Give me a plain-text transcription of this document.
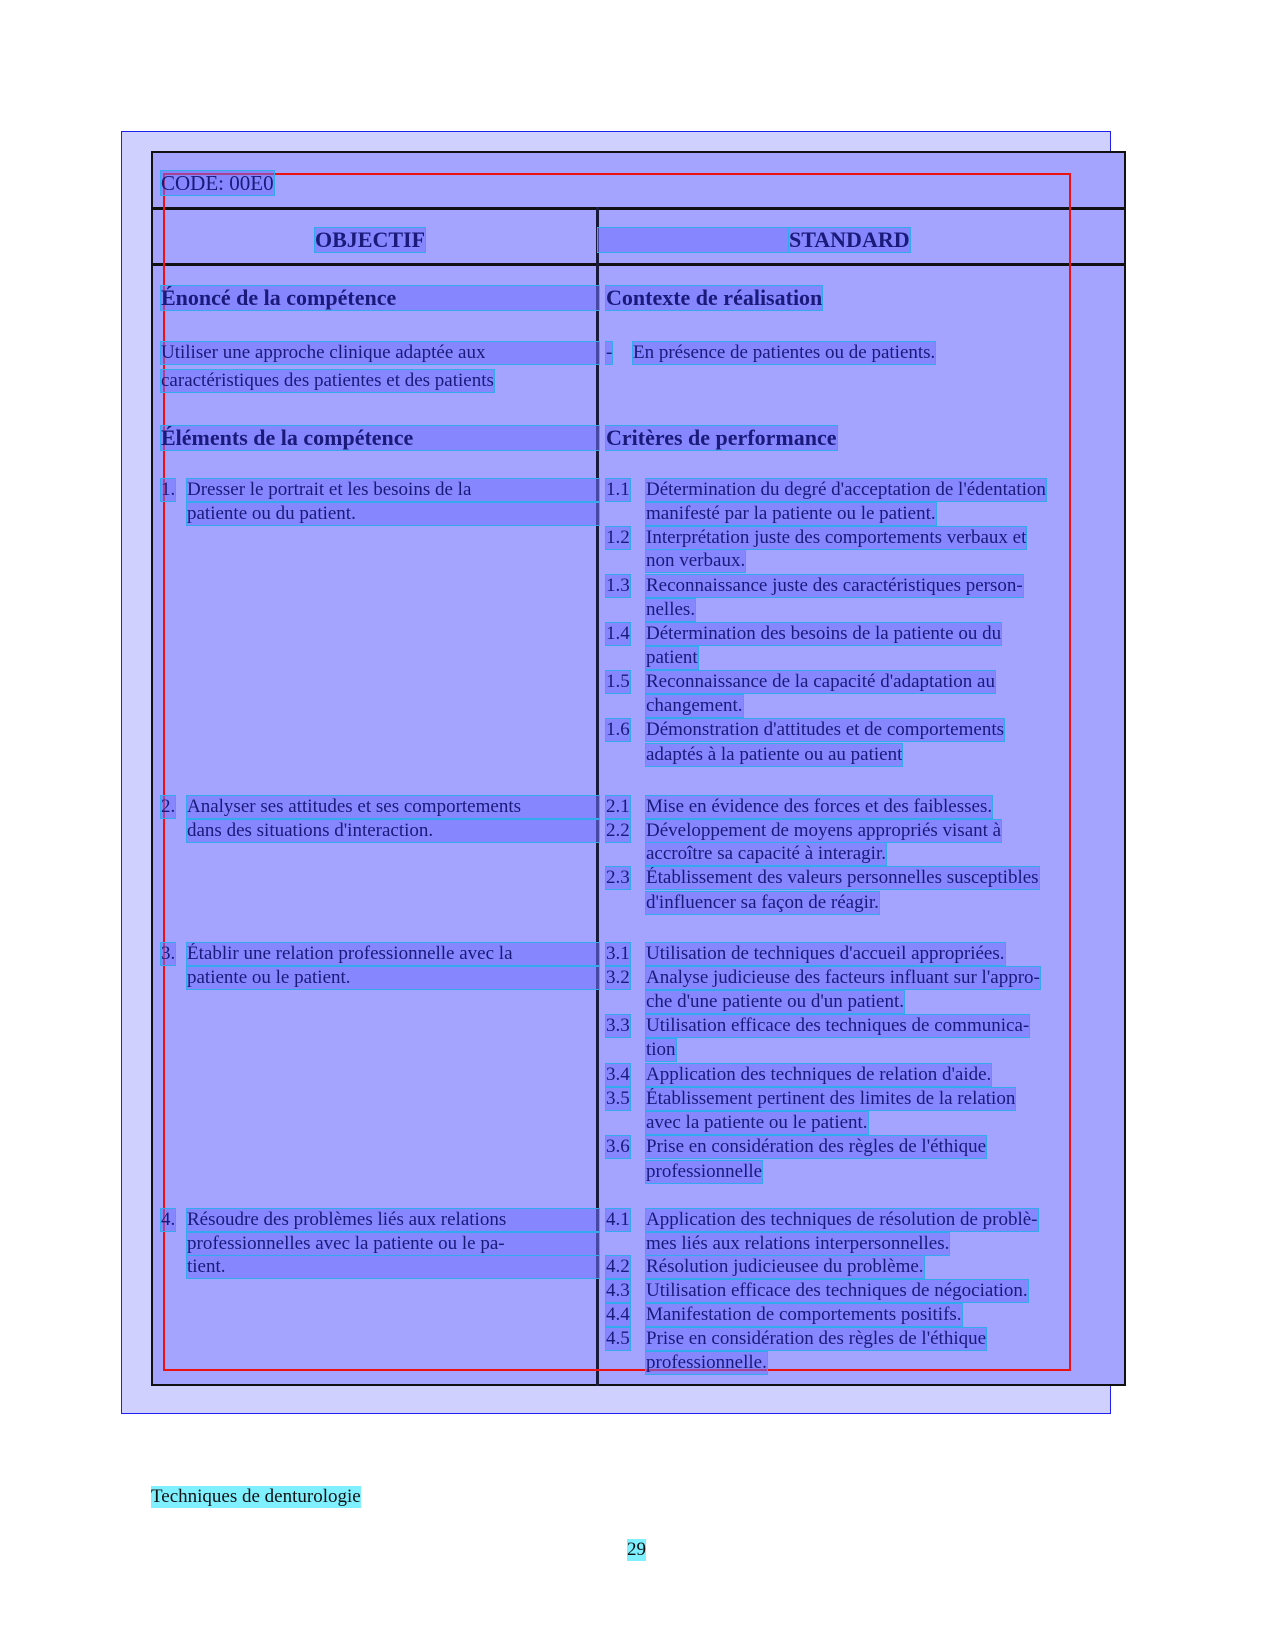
CODE: 00E0
OBJECTIF	STANDARD
Énoncé de la compétence
Utiliser une approche clinique adaptée aux
caractéristiques des patientes et des patients
Éléments de la compétence
1. Dresser le portrait et les besoins de la
patiente ou du patient.
2. Analyser ses attitudes et ses comportements
dans des situations d'interaction.
3. Établir une relation professionnelle avec la
patiente ou le patient.
4. Résoudre des problèmes liés aux relations
professionnelles avec la patiente ou le pa-
tient.
Contexte de réalisation
- En présence de patientes ou de patients.
Critères de performance
1.1 Détermination du degré d'acceptation de l'édentation
manifesté par la patiente ou le patient.
1.2 Interprétation juste des comportements verbaux et
non verbaux.
1.3 Reconnaissance juste des caractéristiques person-
nelles.
1.4 Détermination des besoins de la patiente ou du
patient
1.5 Reconnaissance de la capacité d'adaptation au
changement.
1.6 Démonstration d'attitudes et de comportements
adaptés à la patiente ou au patient
2.1 Mise en évidence des forces et des faiblesses.
2.2 Développement de moyens appropriés visant à
accroître sa capacité à interagir.
2.3 Établissement des valeurs personnelles susceptibles
d'influencer sa façon de réagir.
3.1 Utilisation de techniques d'accueil appropriées.
3.2 Analyse judicieuse des facteurs influant sur l'appro-
che d'une patiente ou d'un patient.
3.3 Utilisation efficace des techniques de communica-
tion
3.4 Application des techniques de relation d'aide.
3.5 Établissement pertinent des limites de la relation
avec la patiente ou le patient.
3.6 Prise en considération des règles de l'éthique
professionnelle
4.1 Application des techniques de résolution de problè-
mes liés aux relations interpersonnelles.
4.2 Résolution judicieusee du problème.
4.3 Utilisation efficace des techniques de négociation.
4.4 Manifestation de comportements positifs.
4.5 Prise en considération des règles de l'éthique
professionnelle.
Techniques de denturologie
29
